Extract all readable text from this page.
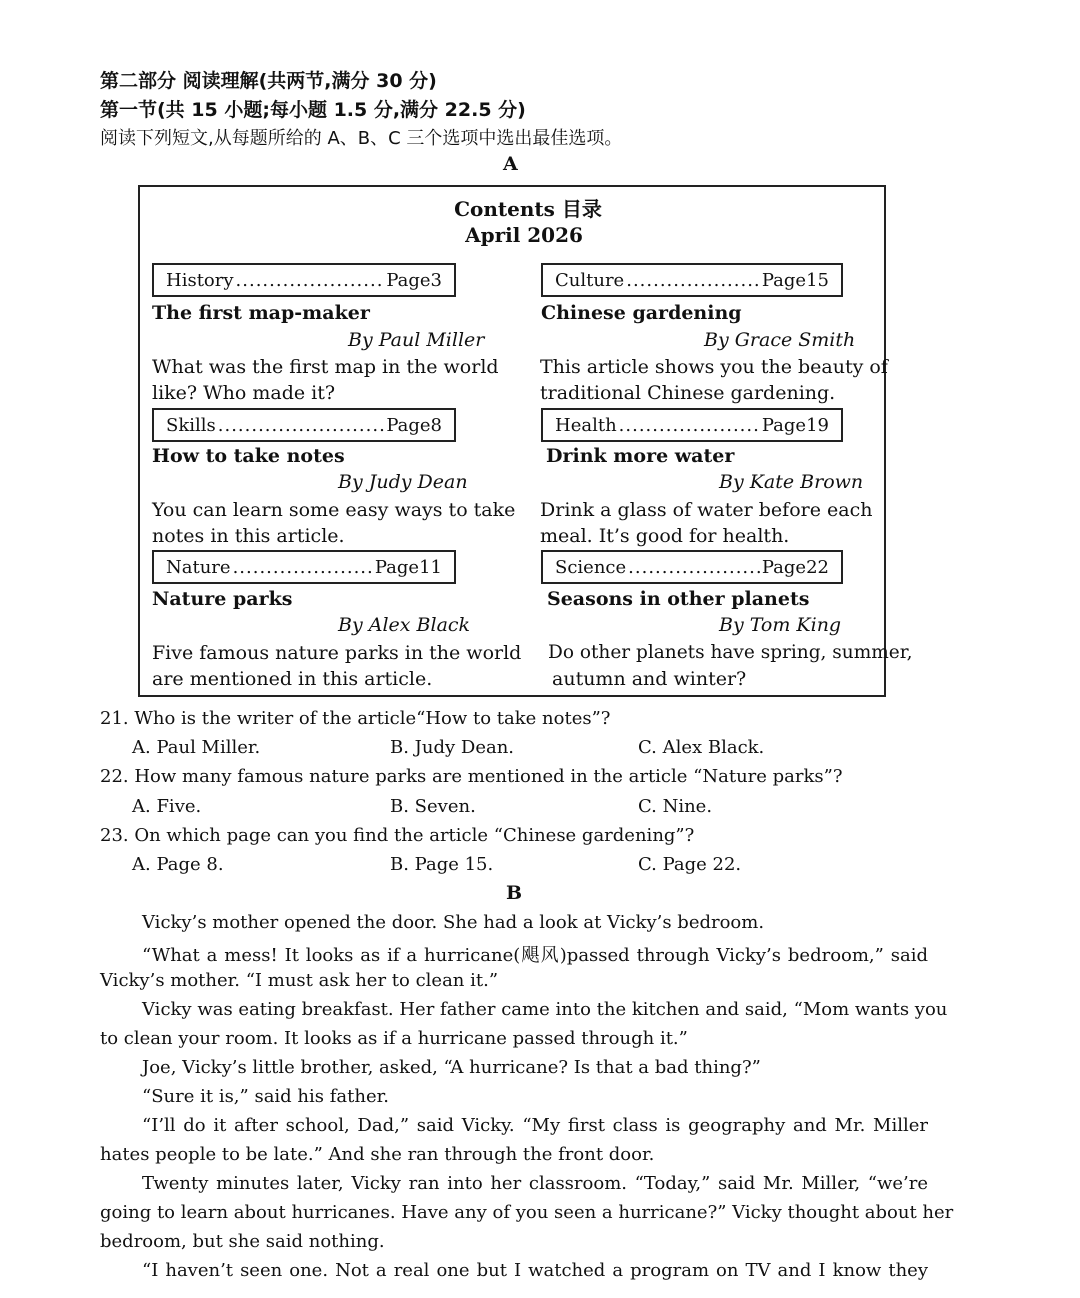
第二部分 阅读理解(共两节,满分 30 分)
第一节(共 15 小题;每小题 1.5 分,满分 22.5 分)
阅读下列短文,从每题所给的 A、B、C 三个选项中选出最佳选项。
A
Contents 目录
April 2026
History .....	Page3
The first map-maker
By Paul Miller
What was the first map in the world
like? Who made it?
Culture .....	Page15
Chinese gardening
By Grace Smith
This article shows you the beauty of
traditional Chinese gardening.
Skills .....	Page8
How to take notes
By Judy Dean
You can learn some easy ways to take
notes in this article.
Health .....	Page19
Drink more water
By Kate Brown
Drink a glass of water before each
meal. It’s good for health.
Nature .....	Page11
Nature parks
By Alex Black
Five famous nature parks in the world
are mentioned in this article.
Science .....	Page22
Seasons in other planets
By Tom King
Do other planets have spring, summer,
autumn and winter?
21. Who is the writer of the article“How to take notes”?
A. Paul Miller.	B. Judy Dean.	C. Alex Black.
22. How many famous nature parks are mentioned in the article “Nature parks”?
A. Five.	B. Seven.	C. Nine.
23. On which page can you find the article “Chinese gardening”?
A. Page 8.	B. Page 15.	C. Page 22.
B
Vicky’s mother opened the door. She had a look at Vicky’s bedroom.
“What a mess! It looks as if a hurricane(飓风)passed through Vicky’s bedroom,” said
Vicky’s mother. “I must ask her to clean it.”
Vicky was eating breakfast. Her father came into the kitchen and said, “Mom wants you
to clean your room. It looks as if a hurricane passed through it.”
Joe, Vicky’s little brother, asked, “A hurricane? Is that a bad thing?”
“Sure it is,” said his father.
“I’ll do it after school, Dad,” said Vicky. “My first class is geography and Mr. Miller
hates people to be late.” And she ran through the front door.
Twenty minutes later, Vicky ran into her classroom. “Today,” said Mr. Miller, “we’re
going to learn about hurricanes. Have any of you seen a hurricane?” Vicky thought about her
bedroom, but she said nothing.
“I haven’t seen one. Not a real one but I watched a program on TV and I know they
